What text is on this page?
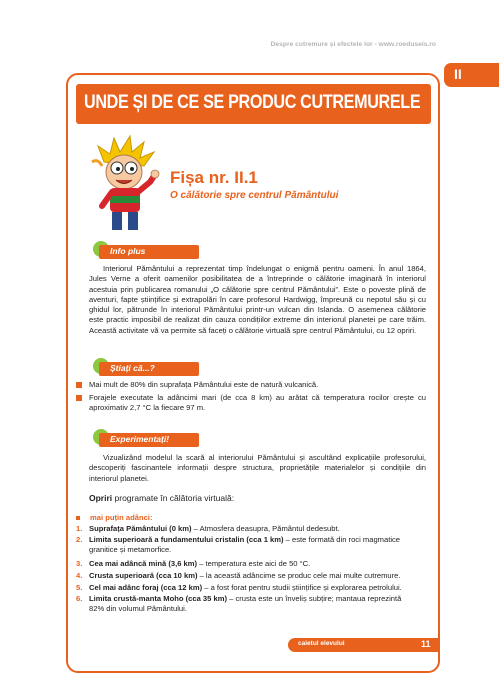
Despre cutremure și efectele lor - www.roeduseis.ro
II
UNDE ȘI DE CE SE PRODUC CUTREMURELE
Fișa nr. II.1
O călătorie spre centrul Pământului
Info plus
Interiorul Pământului a reprezentat timp îndelungat o enigmă pentru oameni. În anul 1864,
Jules Verne a oferit oamenilor posibilitatea de a întreprinde o călătorie imaginară în interiorul
acestuia prin publicarea romanului „O călătorie spre centrul Pământului”. Este o poveste plină de
aventuri, fapte științifice și extrapolări în care profesorul Hardwigg, împreună cu nepotul său și cu
ghidul lor, pătrunde în interiorul Pământului printr-un vulcan din Islanda. O asemenea călătorie
este practic imposibil de realizat din cauza condițiilor extreme din interiorul planetei pe care trăim.
Această activitate vă va permite să faceți o călătorie virtuală spre centrul Pământului, cu 12 opriri.
Știați că...?
Mai mult de 80% din suprafața Pământului este de natură vulcanică.
Forajele executate la adâncimi mari (de cca 8 km) au arătat că temperatura rocilor crește cu
aproximativ 2,7 °C la fiecare 97 m.
Experimentați!
Vizualizând modelul la scară al interiorului Pământului și ascultând explicațiile profesorului,
descoperiți fascinantele informații despre structura, proprietățile materialelor și condițiile din
interiorul planetei.
Opriri programate în călătoria virtuală:
mai puțin adânci:
1. Suprafața Pământului (0 km) – Atmosfera deasupra, Pământul dedesubt.
2. Limita superioară a fundamentului cristalin (cca 1 km) – este formată din roci magmatice
granitice și metamorfice.
3. Cea mai adâncă mină (3,6 km) – temperatura este aici de 50 °C.
4. Crusta superioară (cca 10 km) – la această adâncime se produc cele mai multe cutremure.
5. Cel mai adânc foraj (cca 12 km) – a fost forat pentru studii științifice și explorarea petrolului.
6. Limita crustă-manta Moho (cca 35 km) – crusta este un înveliș subțire; mantaua reprezintă
82% din volumul Pământului.
caietul elevului	11
